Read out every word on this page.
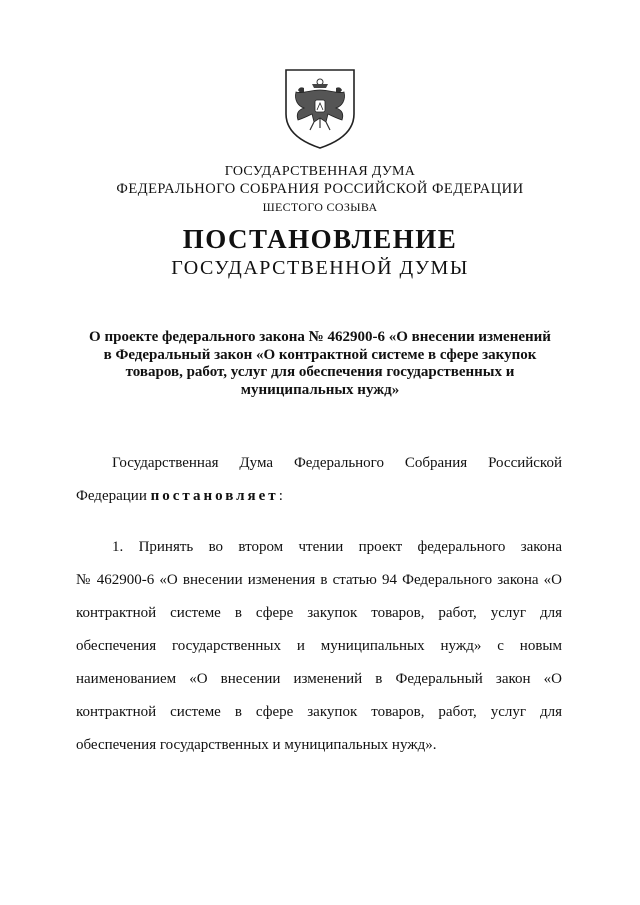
ГОСУДАРСТВЕННАЯ ДУМА
ФЕДЕРАЛЬНОГО СОБРАНИЯ РОССИЙСКОЙ ФЕДЕРАЦИИ
ШЕСТОГО СОЗЫВА
ПОСТАНОВЛЕНИЕ
ГОСУДАРСТВЕННОЙ ДУМЫ
О проекте федерального закона № 462900-6 «О внесении изменений
в Федеральный закон «О контрактной системе в сфере закупок
товаров, работ, услуг для обеспечения государственных и
муниципальных нужд»
Государственная Дума Федерального Собрания Российской
Федерации постановляет:
1. Принять во втором чтении проект федерального закона
№ 462900-6 «О внесении изменения в статью 94 Федерального закона «О
контрактной системе в сфере закупок товаров, работ, услуг для
обеспечения государственных и муниципальных нужд» с новым
наименованием «О внесении изменений в Федеральный закон «О
контрактной системе в сфере закупок товаров, работ, услуг для
обеспечения государственных и муниципальных нужд».
